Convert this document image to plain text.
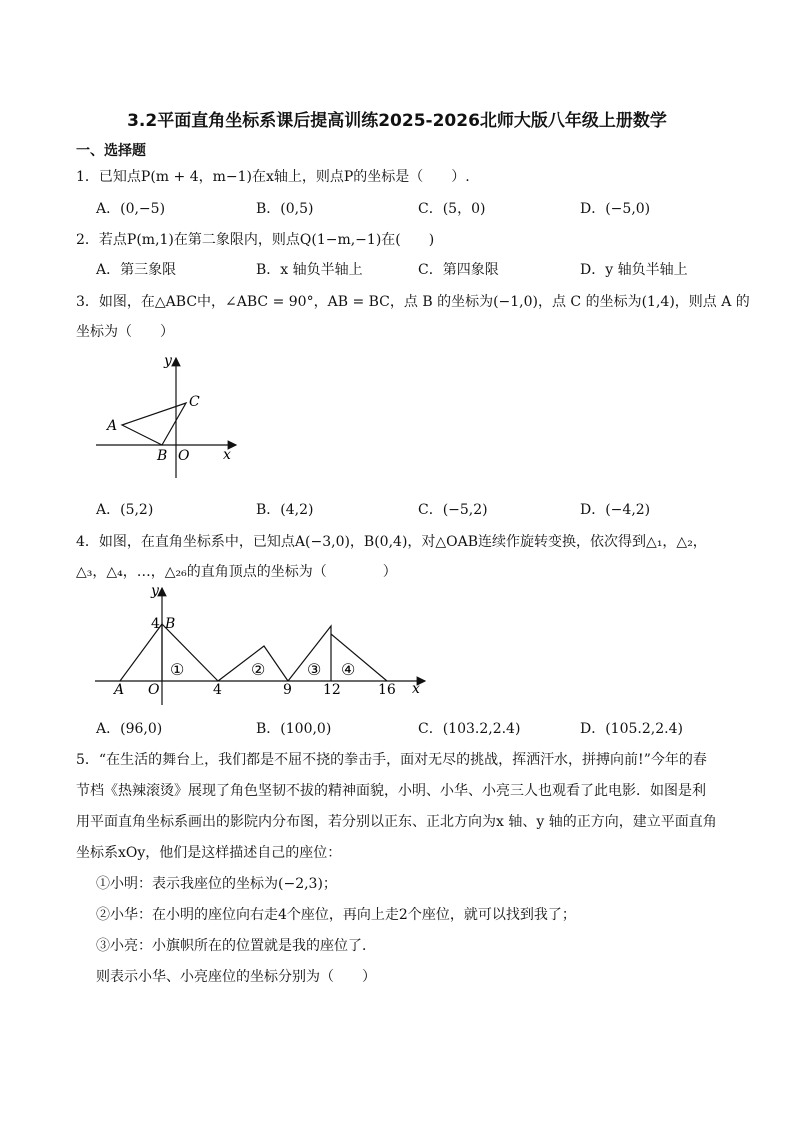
3.2平面直角坐标系课后提高训练2025-2026北师大版八年级上册数学
一、选择题
1．已知点P(m + 4，m−1)在x轴上，则点P的坐标是（　　）.
A．(0,−5)	B．(0,5)	C．(5，0)	D．(−5,0)
2．若点P(m,1)在第二象限内，则点Q(1−m,−1)在(　　)
A．第三象限	B．x 轴负半轴上	C．第四象限	D．y 轴负半轴上
3．如图，在△ABC中，∠ABC = 90°，AB = BC，点 B 的坐标为(−1,0)，点 C 的坐标为(1,4)，则点 A 的
坐标为（　　）
y
x
A
B
C
O
A．(5,2)	B．(4,2)	C．(−5,2)	D．(−4,2)
4．如图，在直角坐标系中，已知点A(−3,0)，B(0,4)，对△OAB连续作旋转变换，依次得到△₁，△₂，
△₃，△₄，…，△₂₆的直角顶点的坐标为（　　　　）
y
x
4 B
A O	4	9 12	16
①	②	③ ④
A．(96,0)	B．(100,0)	C．(103.2,2.4)	D．(105.2,2.4)
5．“在生活的舞台上，我们都是不屈不挠的拳击手，面对无尽的挑战，挥洒汗水，拼搏向前!”今年的春
节档《热辣滚烫》展现了角色坚韧不拔的精神面貌，小明、小华、小亮三人也观看了此电影．如图是利
用平面直角坐标系画出的影院内分布图，若分别以正东、正北方向为x 轴、y 轴的正方向，建立平面直角
坐标系xOy，他们是这样描述自己的座位：
①小明：表示我座位的坐标为(−2,3)；
②小华：在小明的座位向右走4个座位，再向上走2个座位，就可以找到我了；
③小亮：小旗帜所在的位置就是我的座位了．
则表示小华、小亮座位的坐标分别为（　　）
